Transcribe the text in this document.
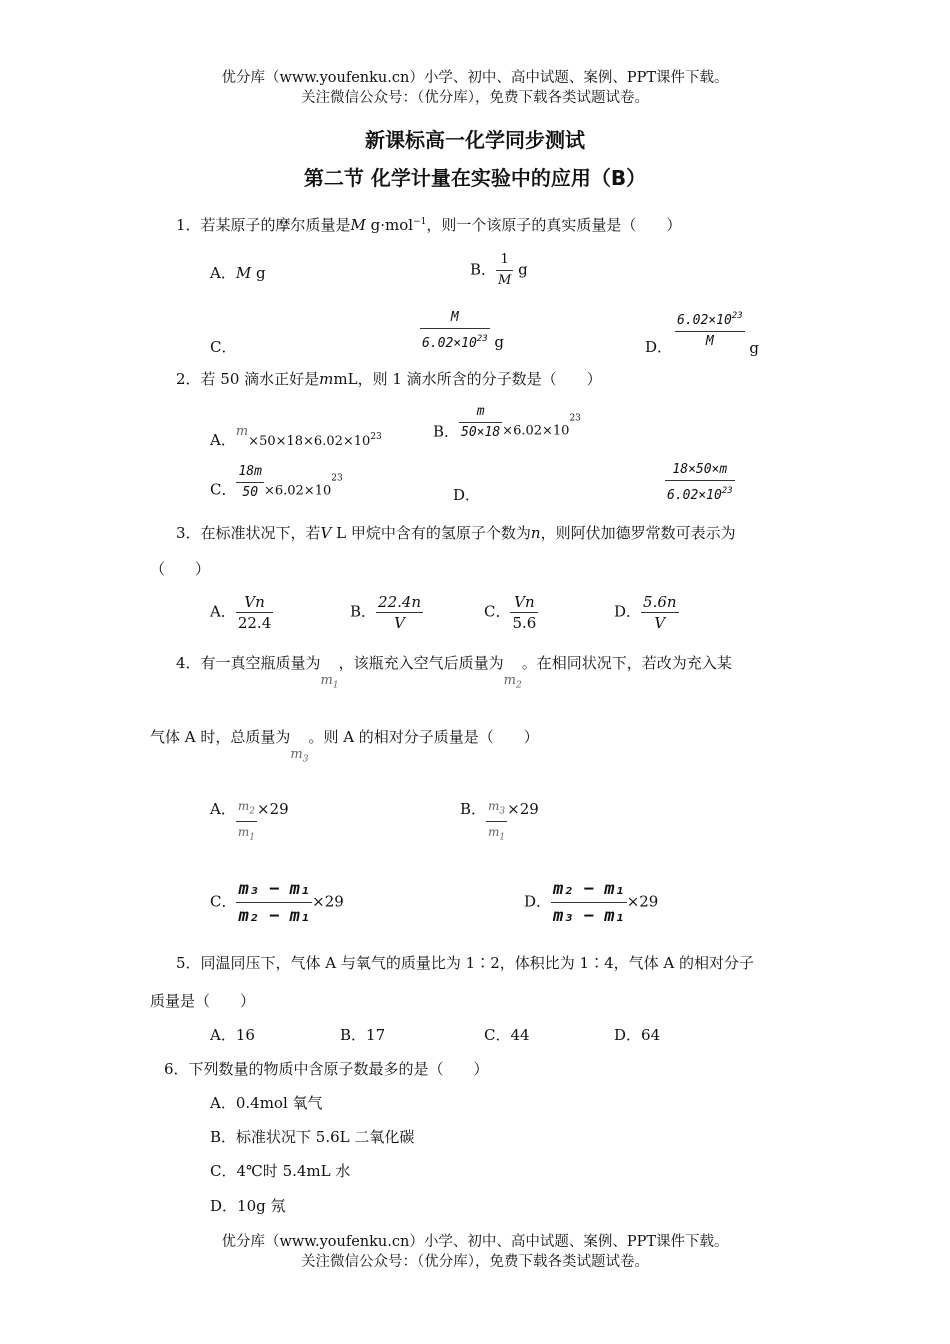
优分库（www.youfenku.cn）小学、初中、高中试题、案例、PPT课件下载。
关注微信公众号：（优分库），免费下载各类试题试卷。
新课标高一化学同步测试
第二节 化学计量在实验中的应用（B）
1．若某原子的摩尔质量是M g·mol$^{-1}$，则一个该原子的真实质量是（　　）
A．M g	B． $\frac{1}{M}$ g
C．	$\frac{M}{6.02\times 10^{23}}$ g	D． $\frac{6.02\times 10^{23}}{M}$ g
2．若 50 滴水正好是mmL，则 1 滴水所含的分子数是（　　）
A．$m\times 50\times 18\times 6.02\times 10^{23}$	B． $\frac{m}{50\times 18} \times 6.02\times 10^{23}$
C． $\frac{18m}{50} \times 6.02\times 10^{23}$
D．	$\frac{18\times 50\times m}{6.02\times 10^{23}}$
3．在标准状况下，若V L 甲烷中含有的氢原子个数为n，则阿伏加德罗常数可表示为
（　　）
A． $\frac{Vn}{22.4}$	B． $\frac{22.4n}{V}$	C． $\frac{Vn}{5.6}$	D． $\frac{5.6n}{V}$
4．有一真空瓶质量为$m_1$，该瓶充入空气后质量为$m_2$。在相同状况下，若改为充入某
气体 A 时，总质量为$m_3$。则 A 的相对分子质量是（　　）
A． $\frac{m_2}{m_1} \times 29$	B． $\frac{m_3}{m_1} \times 29$
C． $\frac{\text{m₃ − m₁}}{\text{m₂ − m₁}} \times 29$	D． $\frac{\text{m₂ − m₁}}{\text{m₃ − m₁}} \times 29$
5．同温同压下，气体 A 与氧气的质量比为 1∶2，体积比为 1∶4，气体 A 的相对分子
质量是（　　）
A．16	B．17	C．44	D．64
6．下列数量的物质中含原子数最多的是（　　）
A．0.4mol 氧气
B．标准状况下 5.6L 二氧化碳
C．4℃时 5.4mL 水
D．10g 氖
优分库（www.youfenku.cn）小学、初中、高中试题、案例、PPT课件下载。
关注微信公众号：（优分库），免费下载各类试题试卷。
